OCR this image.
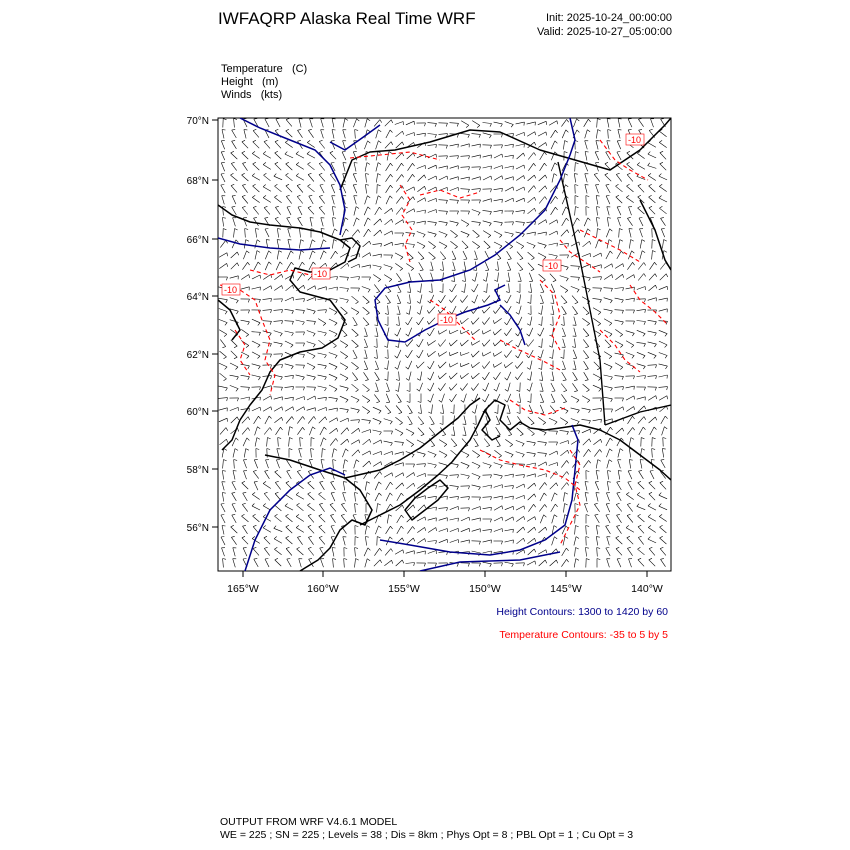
IWFAQRP Alaska Real Time WRF	Init: 2025-10-24_00:00:00
Valid: 2025-10-27_05:00:00
Temperature (C)
Height (m)
Winds (kts)
-10
-10
-10
-10
-10
70°N
68°N
66°N
64°N
62°N
60°N
58°N
56°N
165°W	160°W	155°W	150°W	145°W	140°W
Height Contours: 1300 to 1420 by 60
Temperature Contours: -35 to 5 by 5
OUTPUT FROM WRF V4.6.1 MODEL
WE = 225 ; SN = 225 ; Levels = 38 ; Dis = 8km ; Phys Opt = 8 ; PBL Opt = 1 ; Cu Opt = 3
